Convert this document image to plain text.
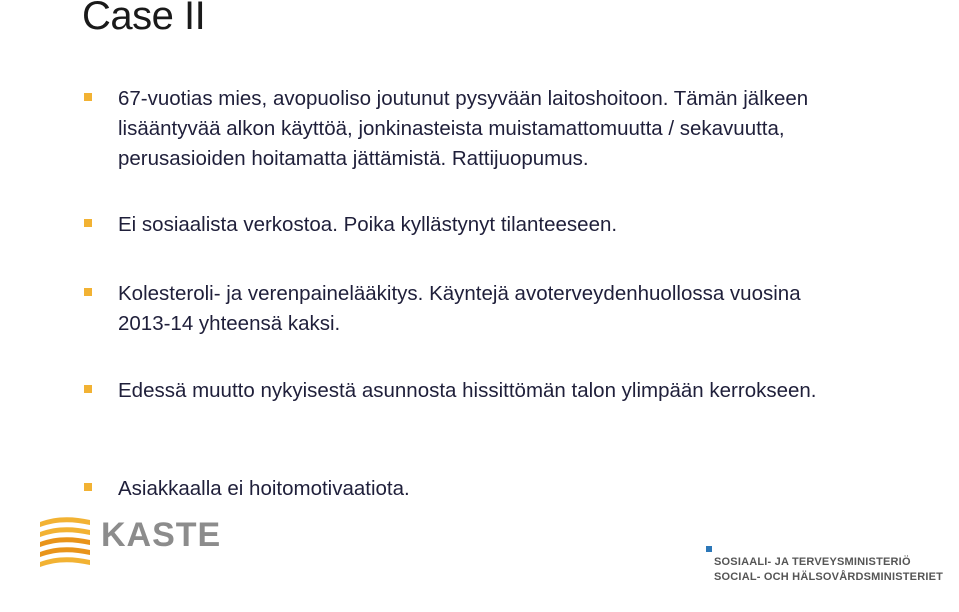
Case II
67-vuotias mies, avopuoliso joutunut pysyvään laitoshoitoon. Tämän jälkeen lisääntyvää alkon käyttöä, jonkinasteista muistamattomuutta / sekavuutta, perusasioiden hoitamatta jättämistä. Rattijuopumus.
Ei sosiaalista verkostoa. Poika kyllästynyt tilanteeseen.
Kolesteroli- ja verenpainelääkitys. Käyntejä avoterveydenhuollossa vuosina 2013-14 yhteensä kaksi.
Edessä muutto nykyisestä asunnosta hissittömän talon ylimpään kerrokseen.
Asiakkaalla ei hoitomotivaatiota.
KASTE
SOSIAALI- JA TERVEYSMINISTERIÖ
SOCIAL- OCH HÄLSOVÅRDSMINISTERIET
